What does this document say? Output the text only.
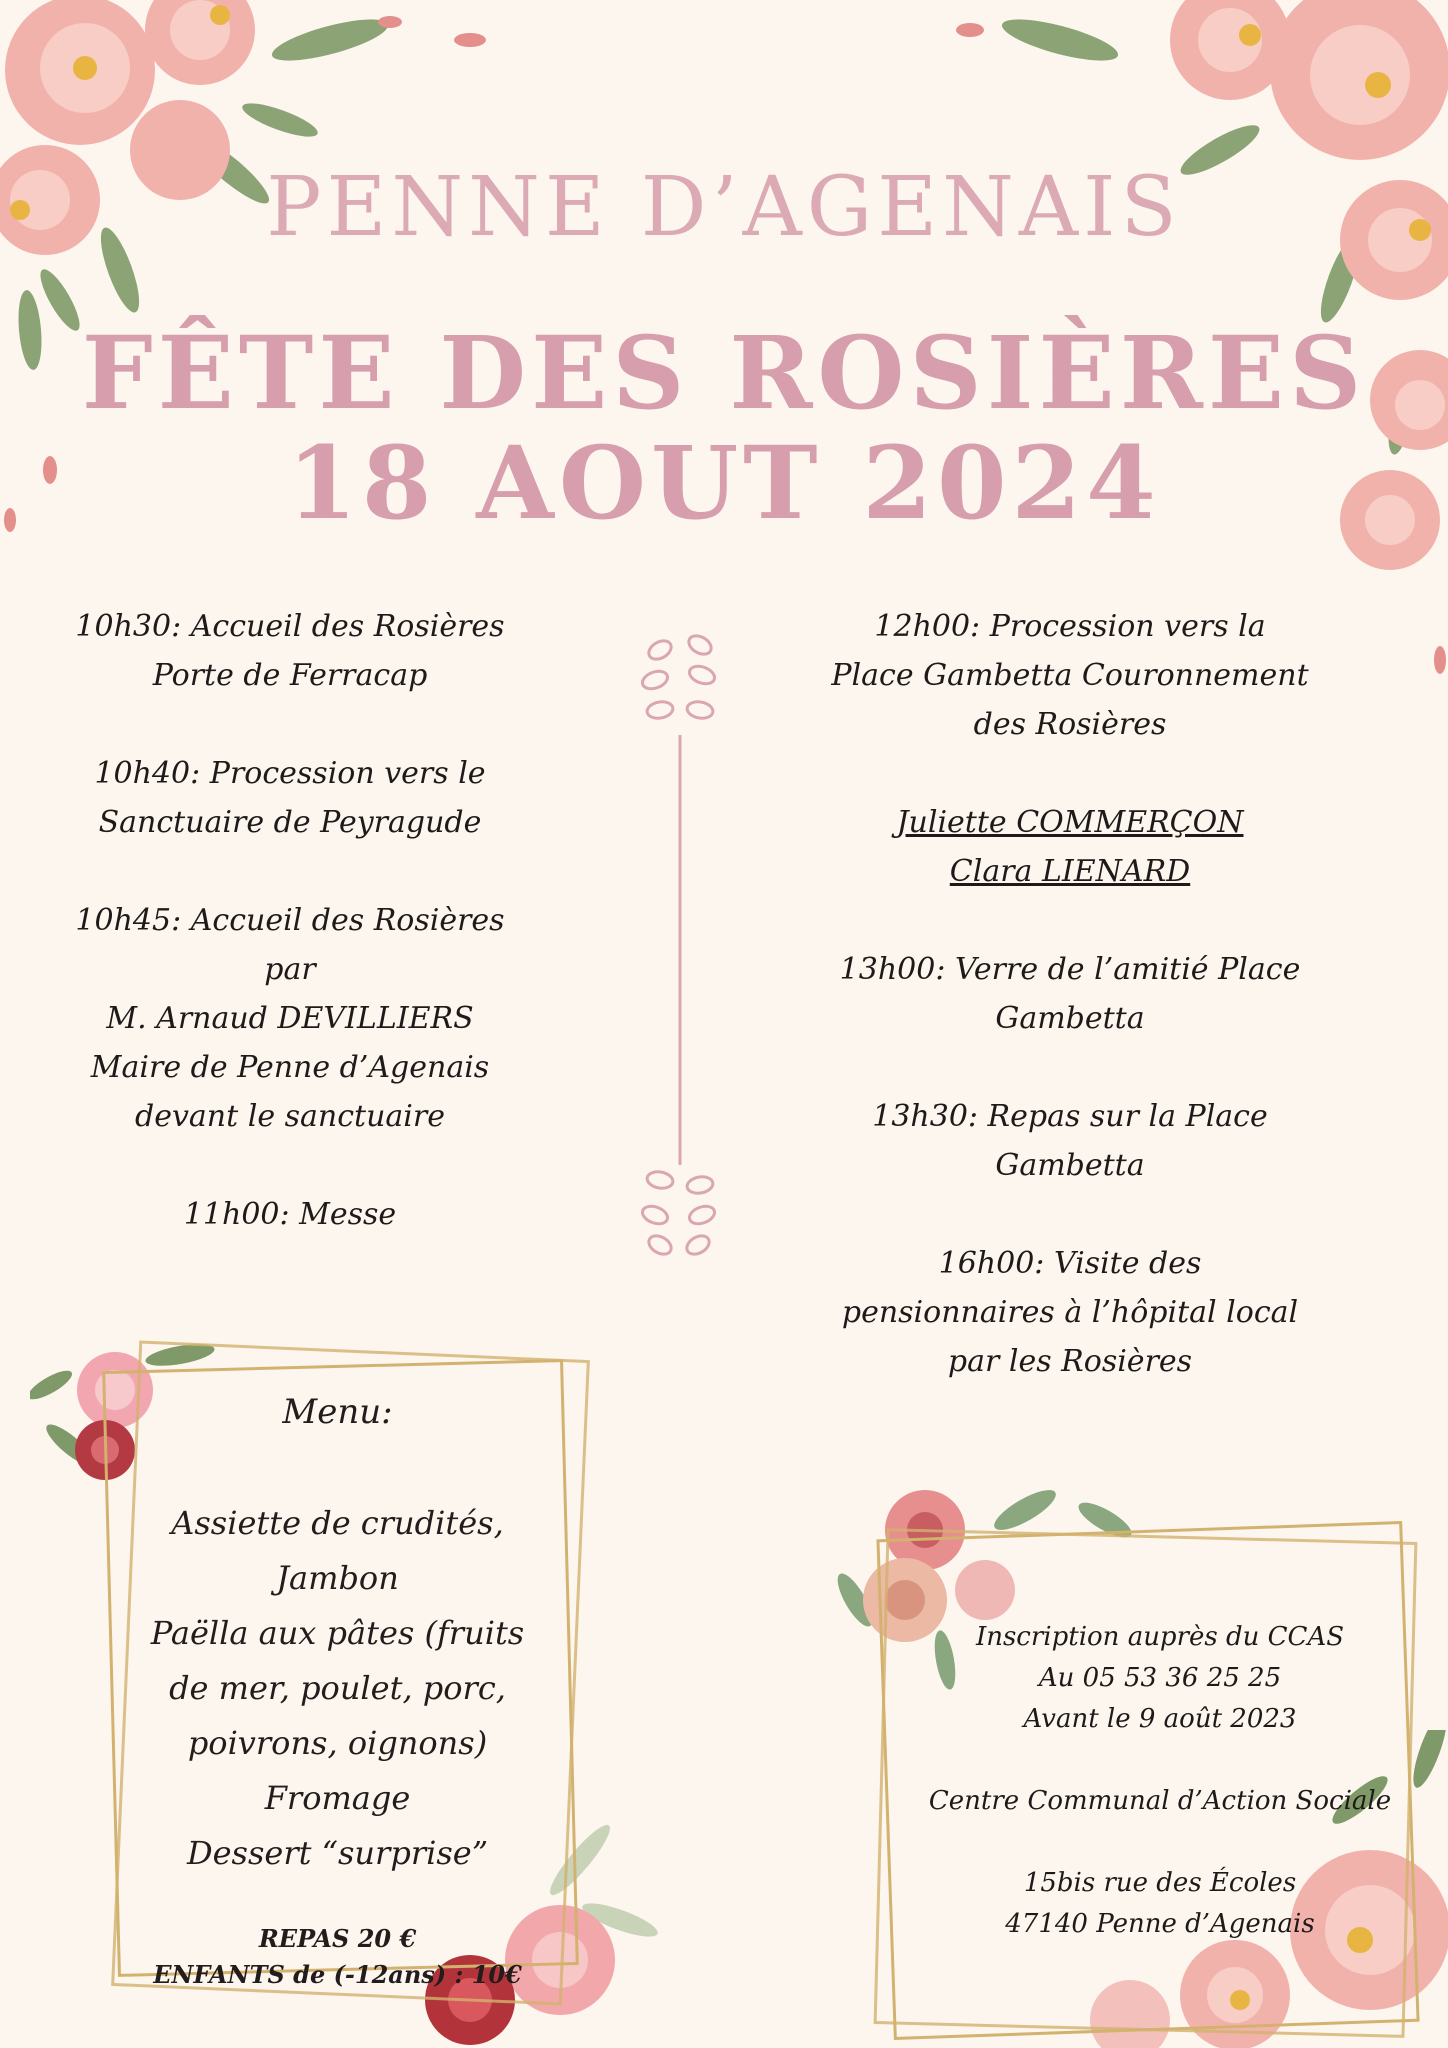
PENNE D’AGENAIS
FÊTE DES ROSIÈRES
18 AOUT 2024

10h30: Accueil des Rosières

Porte de Ferracap

10h40: Procession vers le

Sanctuaire de Peyragude

10h45: Accueil des Rosières

par

M. Arnaud DEVILLIERS

Maire de Penne d’Agenais

devant le sanctuaire

11h00: Messe

12h00: Procession vers la

Place Gambetta Couronnement

des Rosières

Juliette COMMERÇON

Clara LIENARD

13h00: Verre de l’amitié Place

Gambetta

13h30: Repas sur la Place

Gambetta

16h00: Visite des

pensionnaires à l’hôpital local

par les Rosières

Menu:
Assiette de crudités, Jambon
Paëlla aux pâtes (fruits
de mer, poulet, porc,
poivrons, oignons)
Fromage
Dessert “surprise”
REPAS 20 €
ENFANTS de (-12ans) : 10€

Inscription auprès du CCAS

Au 05 53 36 25 25

Avant le 9 août 2023

Centre Communal d’Action Sociale

15bis rue des Écoles

47140 Penne d’Agenais
